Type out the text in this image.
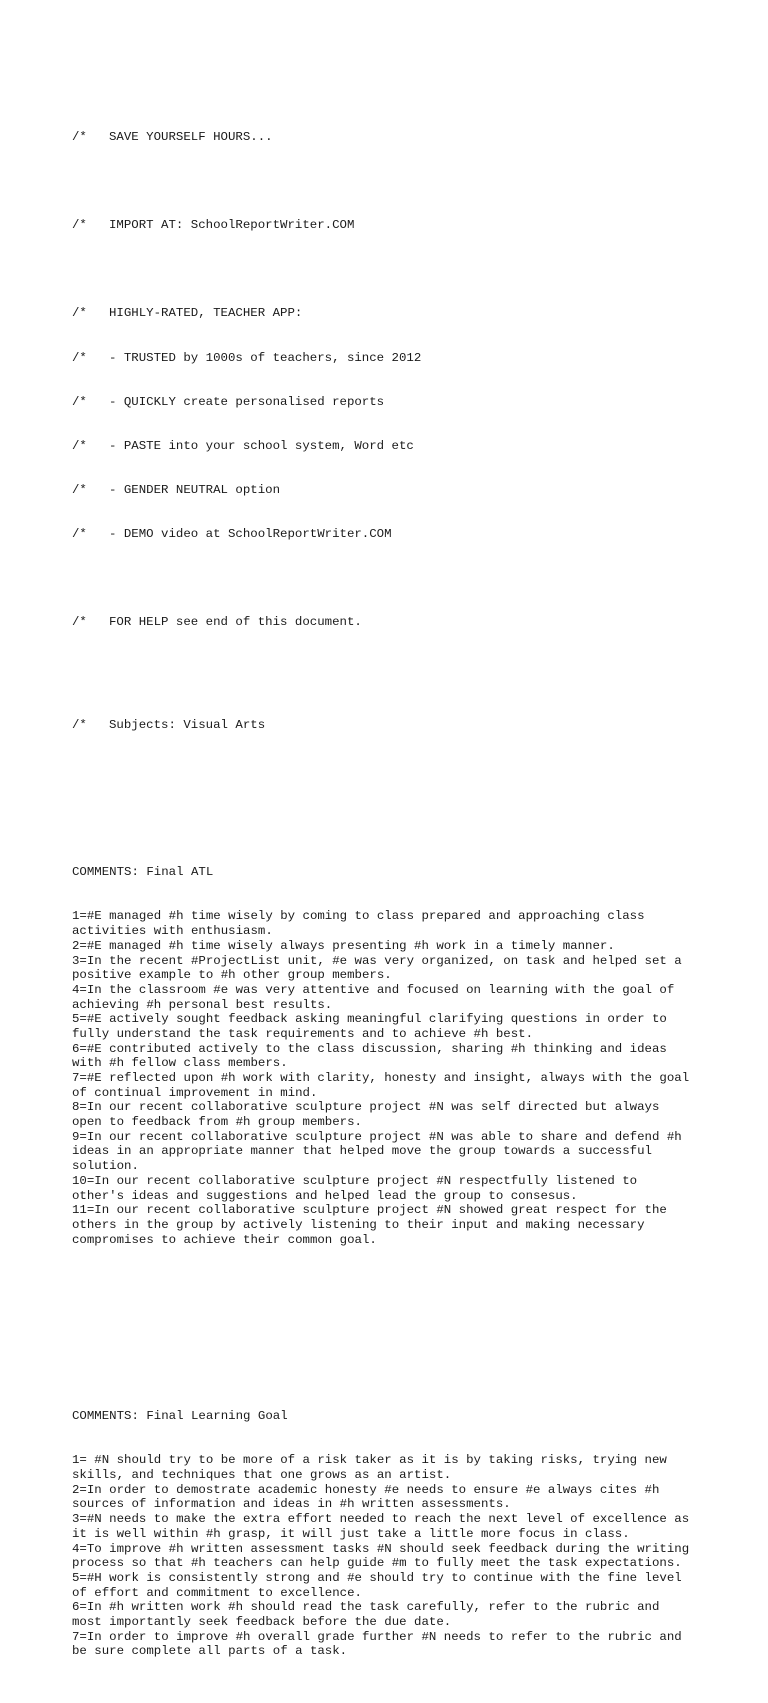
/* SAVE YOURSELF HOURS...

/* IMPORT AT: SchoolReportWriter.COM

/* HIGHLY-RATED, TEACHER APP:

/* - TRUSTED by 1000s of teachers, since 2012

/* - QUICKLY create personalised reports

/* - PASTE into your school system, Word etc

/* - GENDER NEUTRAL option

/* - DEMO video at SchoolReportWriter.COM

/* FOR HELP see end of this document.

/* Subjects: Visual Arts

COMMENTS: Final ATL

1=#E managed #h time wisely by coming to class prepared and approaching class
activities with enthusiasm.
2=#E managed #h time wisely always presenting #h work in a timely manner.
3=In the recent #ProjectList unit, #e was very organized, on task and helped set a
positive example to #h other group members.
4=In the classroom #e was very attentive and focused on learning with the goal of
achieving #h personal best results.
5=#E actively sought feedback asking meaningful clarifying questions in order to
fully understand the task requirements and to achieve #h best.
6=#E contributed actively to the class discussion, sharing #h thinking and ideas
with #h fellow class members.
7=#E reflected upon #h work with clarity, honesty and insight, always with the goal
of continual improvement in mind.
8=In our recent collaborative sculpture project #N was self directed but always
open to feedback from #h group members.
9=In our recent collaborative sculpture project #N was able to share and defend #h
ideas in an appropriate manner that helped move the group towards a successful
solution.
10=In our recent collaborative sculpture project #N respectfully listened to
other's ideas and suggestions and helped lead the group to consesus.
11=In our recent collaborative sculpture project #N showed great respect for the
others in the group by actively listening to their input and making necessary
compromises to achieve their common goal.

COMMENTS: Final Learning Goal

1= #N should try to be more of a risk taker as it is by taking risks, trying new
skills, and techniques that one grows as an artist.
2=In order to demostrate academic honesty #e needs to ensure #e always cites #h
sources of information and ideas in #h written assessments.
3=#N needs to make the extra effort needed to reach the next level of excellence as
it is well within #h grasp, it will just take a little more focus in class.
4=To improve #h written assessment tasks #N should seek feedback during the writing
process so that #h teachers can help guide #m to fully meet the task expectations.
5=#H work is consistently strong and #e should try to continue with the fine level
of effort and commitment to excellence.
6=In #h written work #h should read the task carefully, refer to the rubric and
most importantly seek feedback before the due date.
7=In order to improve #h overall grade further #N needs to refer to the rubric and
be sure complete all parts of a task.
